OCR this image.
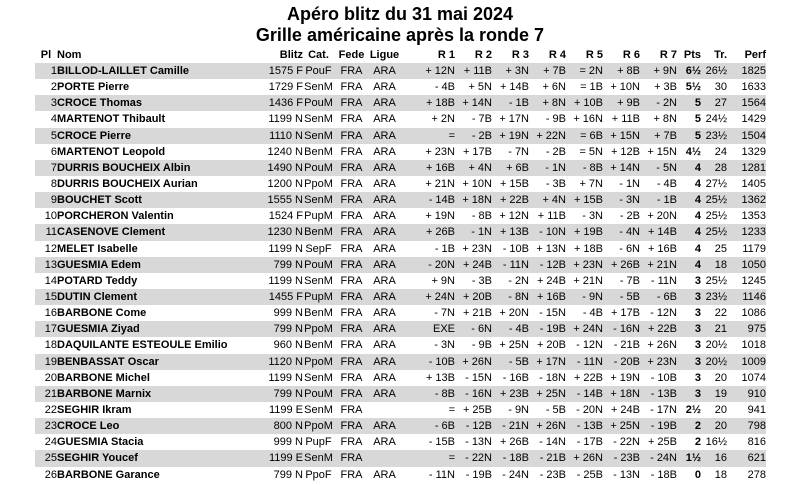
Apéro blitz du 31 mai 2024
Grille américaine après la ronde 7
Pl	Nom	Blitz	Cat.	Fede	Ligue	R 1	R 2	R 3	R 4	R 5	R 6	R 7	Pts	Tr.	Perf
1	BILLOD-LAILLET Camille	1575 F	PouF	FRA	ARA	+ 12N	+ 11B	+ 3N	+ 7B	= 2N	+ 8B	+ 9N	6½	26½	1825
2	PORTE Pierre	1729 F	SenM	FRA	ARA	- 4B	+ 5N	+ 14B	+ 6N	= 1B	+ 10N	+ 3B	5½	30	1633
3	CROCE Thomas	1436 F	PouM	FRA	ARA	+ 18B	+ 14N	- 1B	+ 8N	+ 10B	+ 9B	- 2N	5	27	1564
4	MARTENOT Thibault	1199 N	SenM	FRA	ARA	+ 2N	- 7B	+ 17N	- 9B	+ 16N	+ 11B	+ 8N	5	24½	1429
5	CROCE Pierre	1110 N	SenM	FRA	ARA	=	- 2B	+ 19N	+ 22N	= 6B	+ 15N	+ 7B	5	23½	1504
6	MARTENOT Leopold	1240 N	BenM	FRA	ARA	+ 23N	+ 17B	- 7N	- 2B	= 5N	+ 12B	+ 15N	4½	24	1329
7	DURRIS BOUCHEIX Albin	1490 N	PouM	FRA	ARA	+ 16B	+ 4N	+ 6B	- 1N	- 8B	+ 14N	- 5N	4	28	1281
8	DURRIS BOUCHEIX Aurian	1200 N	PpoM	FRA	ARA	+ 21N	+ 10N	+ 15B	- 3B	+ 7N	- 1N	- 4B	4	27½	1405
9	BOUCHET Scott	1555 N	SenM	FRA	ARA	- 14B	+ 18N	+ 22B	+ 4N	+ 15B	- 3N	- 1B	4	25½	1362
10	PORCHERON Valentin	1524 F	PupM	FRA	ARA	+ 19N	- 8B	+ 12N	+ 11B	- 3N	- 2B	+ 20N	4	25½	1353
11	CASENOVE Clement	1230 N	BenM	FRA	ARA	+ 26B	- 1N	+ 13B	- 10N	+ 19B	- 4N	+ 14B	4	25½	1233
12	MELET Isabelle	1199 N	SepF	FRA	ARA	- 1B	+ 23N	- 10B	+ 13N	+ 18B	- 6N	+ 16B	4	25	1179
13	GUESMIA Edem	799 N	PouM	FRA	ARA	- 20N	+ 24B	- 11N	- 12B	+ 23N	+ 26B	+ 21N	4	18	1050
14	POTARD Teddy	1199 N	SenM	FRA	ARA	+ 9N	- 3B	- 2N	+ 24B	+ 21N	- 7B	- 11N	3	25½	1245
15	DUTIN Clement	1455 F	PupM	FRA	ARA	+ 24N	+ 20B	- 8N	+ 16B	- 9N	- 5B	- 6B	3	23½	1146
16	BARBONE Come	999 N	BenM	FRA	ARA	- 7N	+ 21B	+ 20N	- 15N	- 4B	+ 17B	- 12N	3	22	1086
17	GUESMIA Ziyad	799 N	PpoM	FRA	ARA	EXE	- 6N	- 4B	- 19B	+ 24N	- 16N	+ 22B	3	21	975
18	DAQUILANTE ESTEOULE Emilio	960 N	BenM	FRA	ARA	- 3N	- 9B	+ 25N	+ 20B	- 12N	- 21B	+ 26N	3	20½	1018
19	BENBASSAT Oscar	1120 N	PpoM	FRA	ARA	- 10B	+ 26N	- 5B	+ 17N	- 11N	- 20B	+ 23N	3	20½	1009
20	BARBONE Michel	1199 N	SenM	FRA	ARA	+ 13B	- 15N	- 16B	- 18N	+ 22B	+ 19N	- 10B	3	20	1074
21	BARBONE Marnix	799 N	PouM	FRA	ARA	- 8B	- 16N	+ 23B	+ 25N	- 14B	+ 18N	- 13B	3	19	910
22	SEGHIR Ikram	1199 E	SenM	FRA		=	+ 25B	- 9N	- 5B	- 20N	+ 24B	- 17N	2½	20	941
23	CROCE Leo	800 N	PpoM	FRA	ARA	- 6B	- 12B	- 21N	+ 26N	- 13B	+ 25N	- 19B	2	20	798
24	GUESMIA Stacia	999 N	PupF	FRA	ARA	- 15B	- 13N	+ 26B	- 14N	- 17B	- 22N	+ 25B	2	16½	816
25	SEGHIR Youcef	1199 E	SenM	FRA		=	- 22N	- 18B	- 21B	+ 26N	- 23B	- 24N	1½	16	621
26	BARBONE Garance	799 N	PpoF	FRA	ARA	- 11N	- 19B	- 24N	- 23B	- 25B	- 13N	- 18B	0	18	278
